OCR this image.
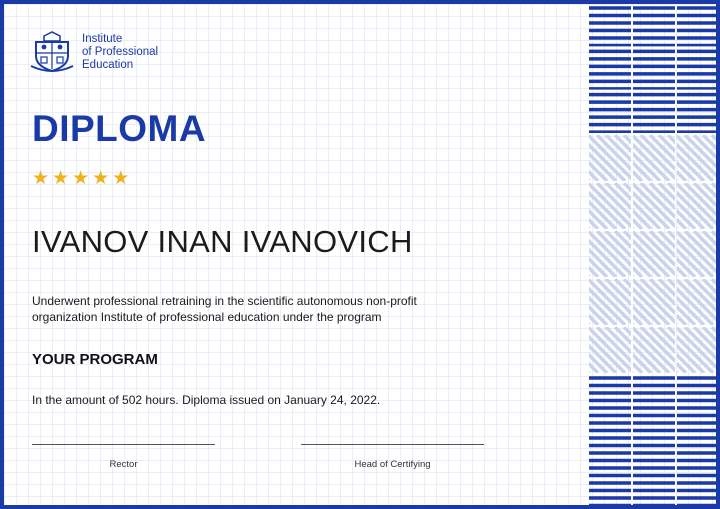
Institute
of Professional
Education
DIPLOMA
★ ★ ★ ★ ★
IVANOV INAN IVANOVICH
Underwent professional retraining in the scientific autonomous non-profit organization Institute of professional education under the program
YOUR PROGRAM
In the amount of 502 hours. Diploma issued on January 24, 2022.
Rector	Head of Certifying
